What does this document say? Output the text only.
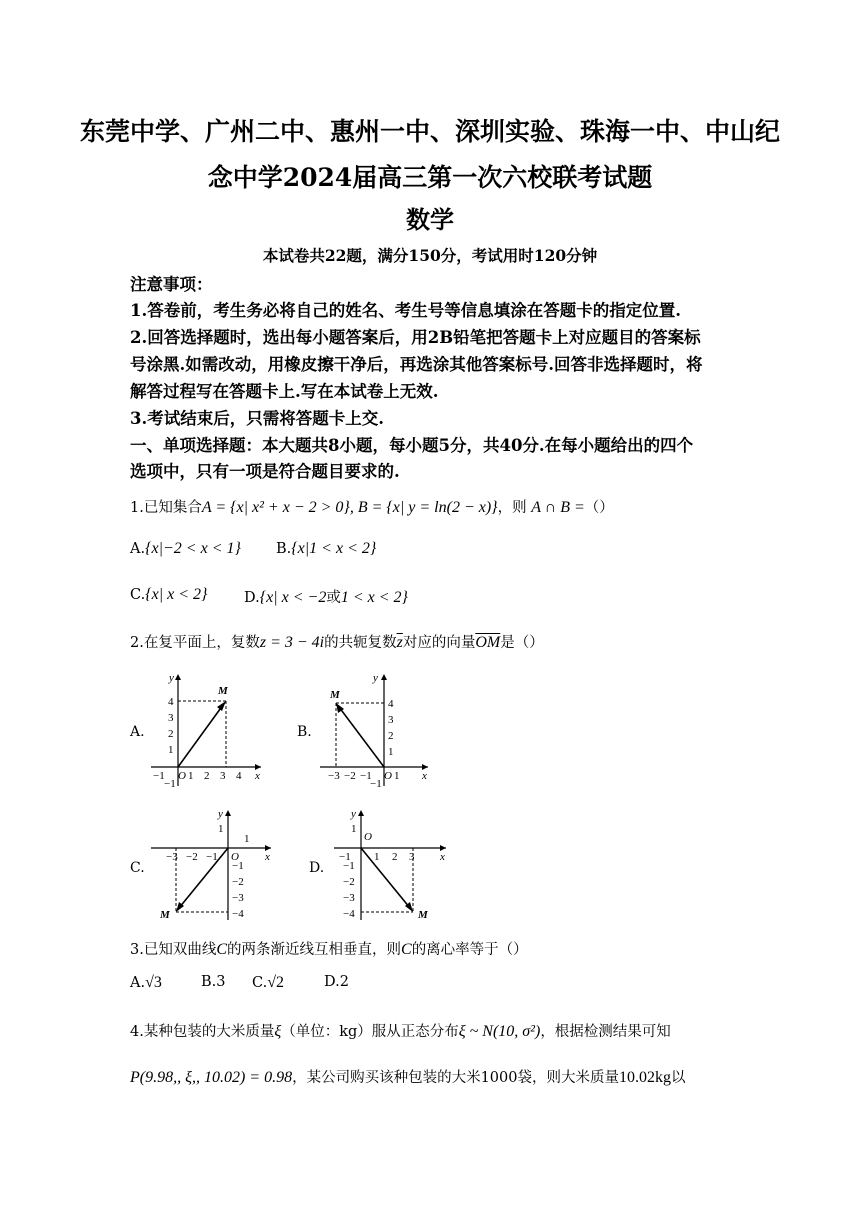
东莞中学、广州二中、惠州一中、深圳实验、珠海一中、中山纪
念中学2024届高三第一次六校联考试题
数学
本试卷共22题，满分150分，考试用时120分钟
注意事项：
1.答卷前，考生务必将自己的姓名、考生号等信息填涂在答题卡的指定位置.
2.回答选择题时，选出每小题答案后，用2B铅笔把答题卡上对应题目的答案标
号涂黑.如需改动，用橡皮擦干净后，再选涂其他答案标号.回答非选择题时，将
解答过程写在答题卡上.写在本试卷上无效.
3.考试结束后，只需将答题卡上交.
一、单项选择题：本大题共8小题，每小题5分，共40分.在每小题给出的四个
选项中，只有一项是符合题目要求的.
1.已知集合A = {x| x² + x − 2 > 0}, B = {x| y = ln(2 − x)}，则 A ∩ B =（）
A.{x|−2 < x < 1} B.{x|1 < x < 2}
C.{x| x < 2}	D.{x| x < −2或1 < x < 2}
2.在复平面上，复数z = 3 − 4i的共轭复数$\overline{z}$对应的向量$\overline{OM}$是（）
A.	B.
C.	D.
M
x
y
O
−1 1 2 3 4
4
3
2
1
−1
M
x
y
O
−3 −2 −1 1
4
3
2
1
−1
M
x
y
O
−3 −2 −1
1
1
−1
−2
−3
−4	M
x
y
O
−1 1 2 3
1
−1
−2
−3
−4
3.已知双曲线C的两条渐近线互相垂直，则C的离心率等于（）
A.√3	B.3 C.√2	D.2
4.某种包装的大米质量ξ（单位：kg）服从正态分布ξ ~ N(10, σ²)，根据检测结果可知
P(9.98,, ξ,, 10.02) = 0.98，某公司购买该种包装的大米1000袋，则大米质量10.02kg以
